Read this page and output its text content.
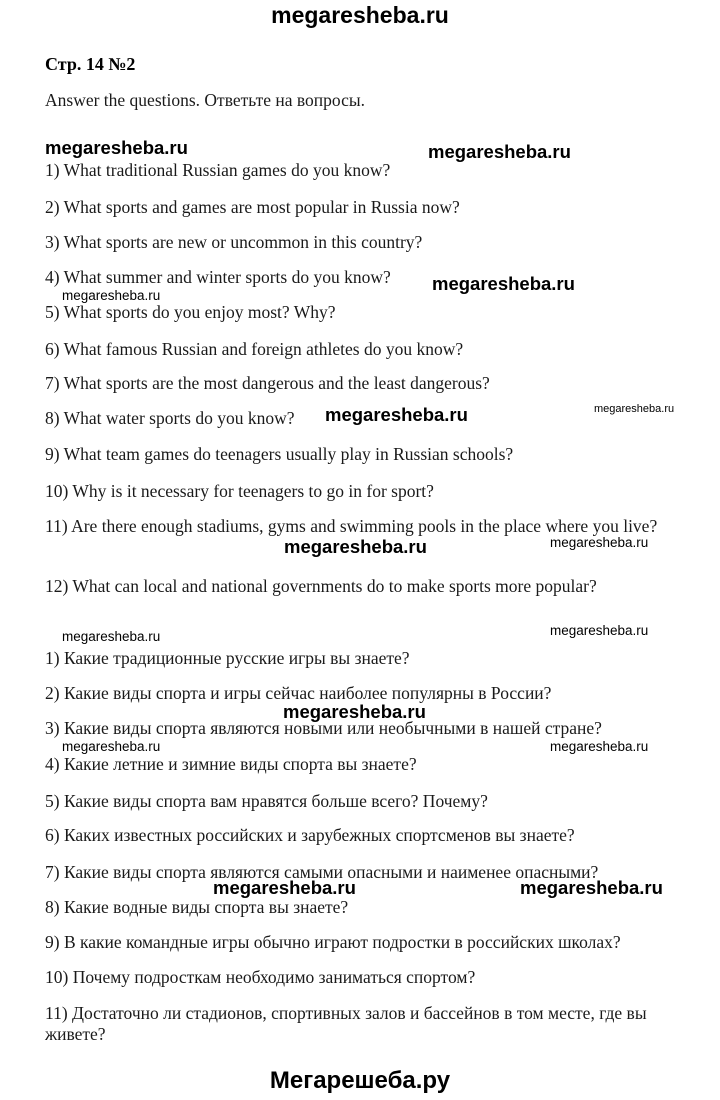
megaresheba.ru
Стр. 14 №2
Answer the questions. Ответьте на вопросы.
1) What traditional Russian games do you know?
2) What sports and games are most popular in Russia now?
3) What sports are new or uncommon in this country?
4) What summer and winter sports do you know?
5) What sports do you enjoy most? Why?
6) What famous Russian and foreign athletes do you know?
7) What sports are the most dangerous and the least dangerous?
8) What water sports do you know?
9) What team games do teenagers usually play in Russian schools?
10) Why is it necessary for teenagers to go in for sport?
11) Are there enough stadiums, gyms and swimming pools in the place where you live?
12) What can local and national governments do to make sports more popular?
1) Какие традиционные русские игры вы знаете?
2) Какие виды спорта и игры сейчас наиболее популярны в России?
3) Какие виды спорта являются новыми или необычными в нашей стране?
4) Какие летние и зимние виды спорта вы знаете?
5) Какие виды спорта вам нравятся больше всего? Почему?
6) Каких известных российских и зарубежных спортсменов вы знаете?
7) Какие виды спорта являются самыми опасными и наименее опасными?
8) Какие водные виды спорта вы знаете?
9) В какие командные игры обычно играют подростки в российских школах?
10) Почему подросткам необходимо заниматься спортом?
11) Достаточно ли стадионов, спортивных залов и бассейнов в том месте, где вы живете?
megaresheba.ru	megaresheba.ru
megaresheba.ru
megaresheba.ru
megaresheba.ru	megaresheba.ru
megaresheba.ru	megaresheba.ru
megaresheba.ru	megaresheba.ru
megaresheba.ru
megaresheba.ru	megaresheba.ru
megaresheba.ru	megaresheba.ru
Мегарешеба.ру
